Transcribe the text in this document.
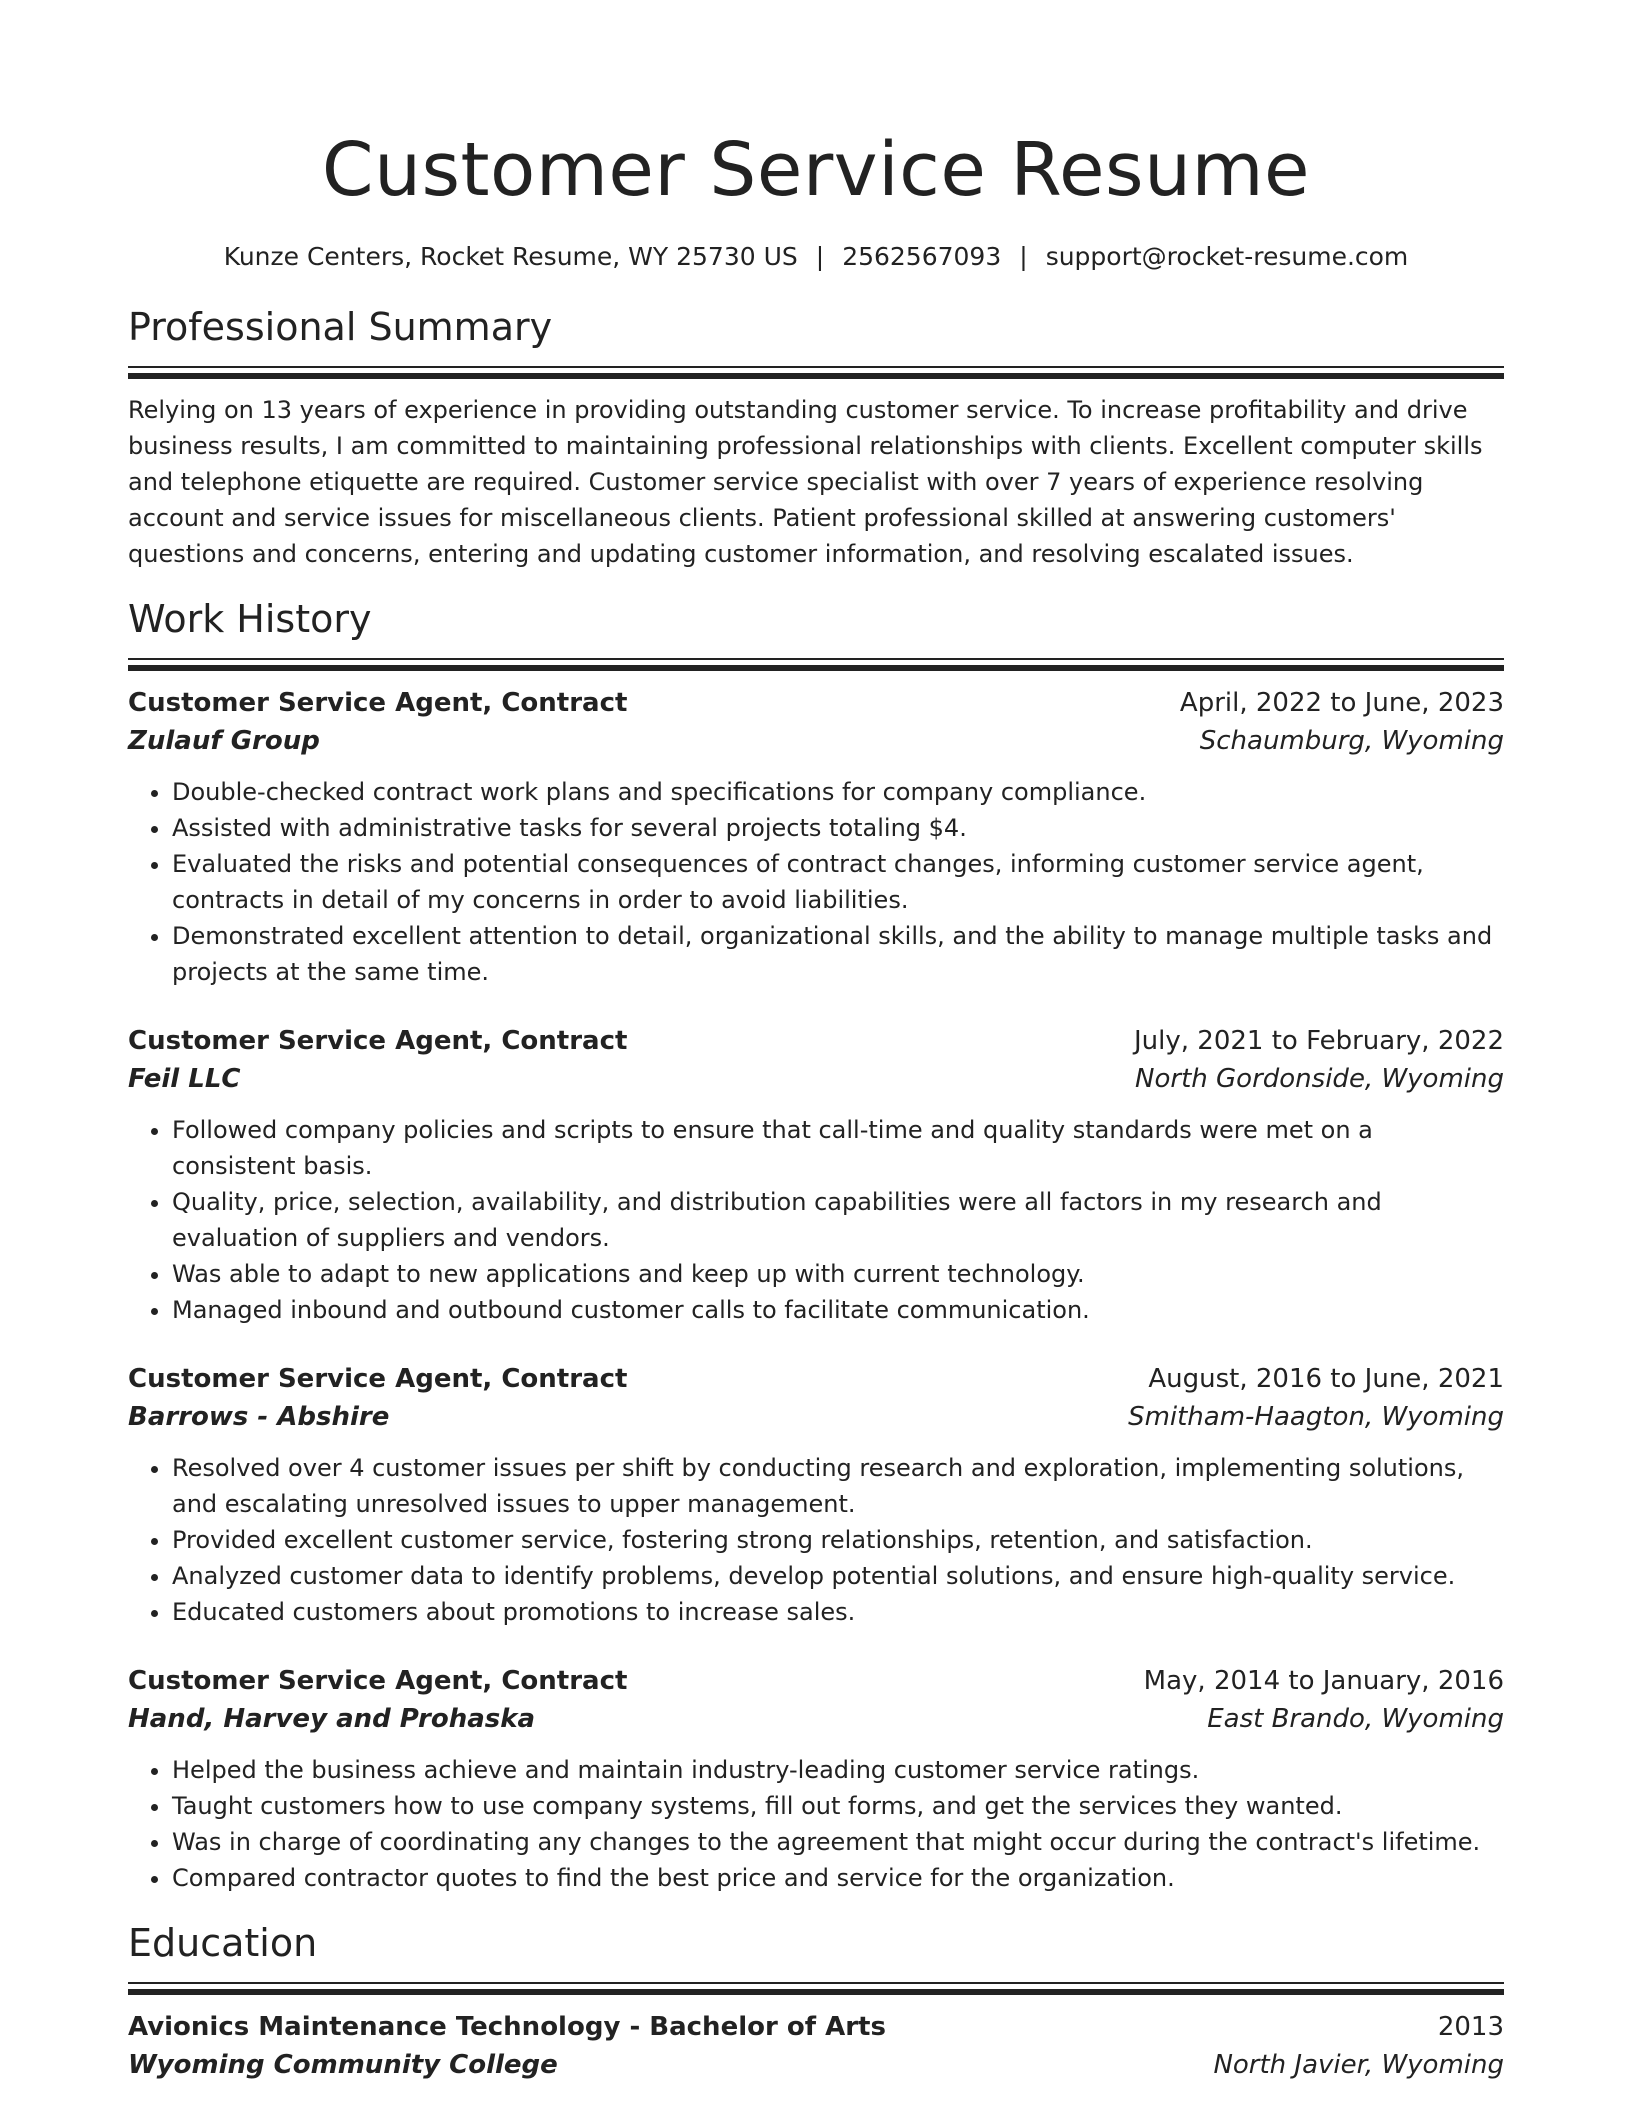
Customer Service Resume
Kunze Centers, Rocket Resume, WY 25730 US | 2562567093 | support@rocket-resume.com
Professional Summary

Relying on 13 years of experience in providing outstanding customer service. To increase profitability and drive business results, I am committed to maintaining professional relationships with clients. Excellent computer skills and telephone etiquette are required. Customer service specialist with over 7 years of experience resolving account and service issues for miscellaneous clients. Patient professional skilled at answering customers' questions and concerns, entering and updating customer information, and resolving escalated issues.

Work History
Customer Service Agent, Contract	April, 2022 to June, 2023
Zulauf Group	Schaumburg, Wyoming
• Double-checked contract work plans and specifications for company compliance.
• Assisted with administrative tasks for several projects totaling $4.
• Evaluated the risks and potential consequences of contract changes, informing customer service agent, contracts in detail of my concerns in order to avoid liabilities.
• Demonstrated excellent attention to detail, organizational skills, and the ability to manage multiple tasks and projects at the same time.
Customer Service Agent, Contract	July, 2021 to February, 2022
Feil LLC	North Gordonside, Wyoming
• Followed company policies and scripts to ensure that call-time and quality standards were met on a consistent basis.
• Quality, price, selection, availability, and distribution capabilities were all factors in my research and evaluation of suppliers and vendors.
• Was able to adapt to new applications and keep up with current technology.
• Managed inbound and outbound customer calls to facilitate communication.
Customer Service Agent, Contract	August, 2016 to June, 2021
Barrows - Abshire	Smitham-Haagton, Wyoming
• Resolved over 4 customer issues per shift by conducting research and exploration, implementing solutions, and escalating unresolved issues to upper management.
• Provided excellent customer service, fostering strong relationships, retention, and satisfaction.
• Analyzed customer data to identify problems, develop potential solutions, and ensure high-quality service.
• Educated customers about promotions to increase sales.
Customer Service Agent, Contract	May, 2014 to January, 2016
Hand, Harvey and Prohaska	East Brando, Wyoming
• Helped the business achieve and maintain industry-leading customer service ratings.
• Taught customers how to use company systems, fill out forms, and get the services they wanted.
• Was in charge of coordinating any changes to the agreement that might occur during the contract's lifetime.
• Compared contractor quotes to find the best price and service for the organization.
Education
Avionics Maintenance Technology - Bachelor of Arts	2013
Wyoming Community College	North Javier, Wyoming
